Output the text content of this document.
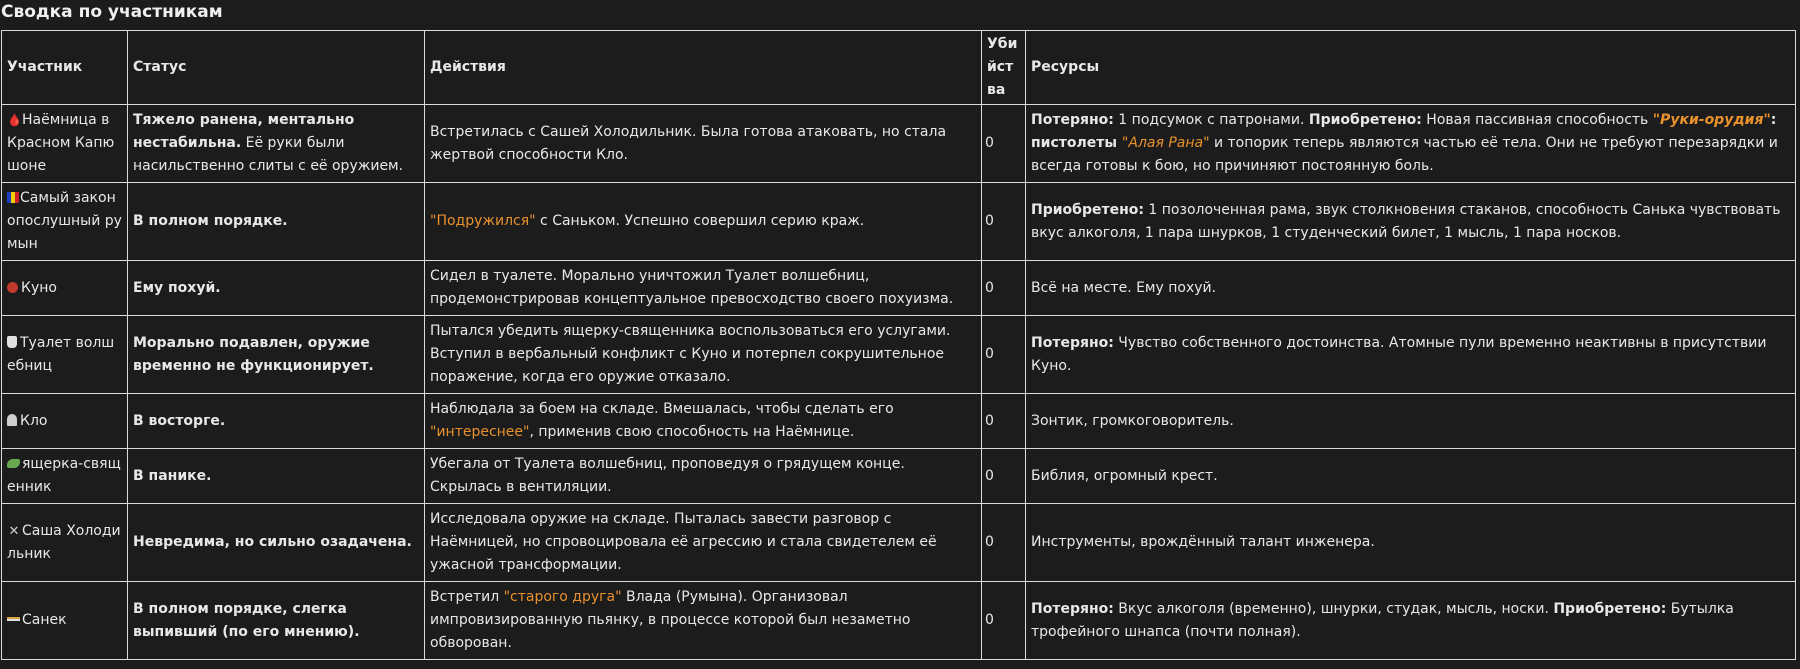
Сводка по участникам
Участник	Статус	Действия	Убийства	Ресурсы
🩸Наёмница в Красном Капюшоне	Тяжело ранена, ментально нестабильна. Её руки были насильственно слиты с её оружием.	Встретилась с Сашей Холодильник. Была готова атаковать, но стала жертвой способности Кло.	0	Потеряно: 1 подсумок с патронами. Приобретено: Новая пассивная способность "Руки-орудия": пистолеты "Алая Рана" и топорик теперь являются частью её тела. Они не требуют перезарядки и всегда готовы к бою, но причиняют постоянную боль.
Самый законопослушный румын	В полном порядке.	"Подружился" с Саньком. Успешно совершил серию краж.	0	Приобретено: 1 позолоченная рама, звук столкновения стаканов, способность Санька чувствовать вкус алкоголя, 1 пара шнурков, 1 студенческий билет, 1 мысль, 1 пара носков.
Куно	Ему похуй.	Сидел в туалете. Морально уничтожил Туалет волшебниц, продемонстрировав концептуальное превосходство своего похуизма.	0	Всё на месте. Ему похуй.
Туалет волшебниц	Морально подавлен, оружие временно не функционирует.	Пытался убедить ящерку-священника воспользоваться его услугами. Вступил в вербальный конфликт с Куно и потерпел сокрушительное поражение, когда его оружие отказало.	0	Потеряно: Чувство собственного достоинства. Атомные пули временно неактивны в присутствии Куно.
Кло	В восторге.	Наблюдала за боем на складе. Вмешалась, чтобы сделать его "интереснее", применив свою способность на Наёмнице.	0	Зонтик, громкоговоритель.
ящерка-священник	В панике.	Убегала от Туалета волшебниц, проповедуя о грядущем конце. Скрылась в вентиляции.	0	Библия, огромный крест.
✕ Саша Холодильник	Невредима, но сильно озадачена.	Исследовала оружие на складе. Пыталась завести разговор с Наёмницей, но спровоцировала её агрессию и стала свидетелем её ужасной трансформации.	0	Инструменты, врождённый талант инженера.
Санек	В полном порядке, слегка выпивший (по его мнению).	Встретил "старого друга" Влада (Румына). Организовал импровизированную пьянку, в процессе которой был незаметно обворован.	0	Потеряно: Вкус алкоголя (временно), шнурки, студак, мысль, носки. Приобретено: Бутылка трофейного шнапса (почти полная).
